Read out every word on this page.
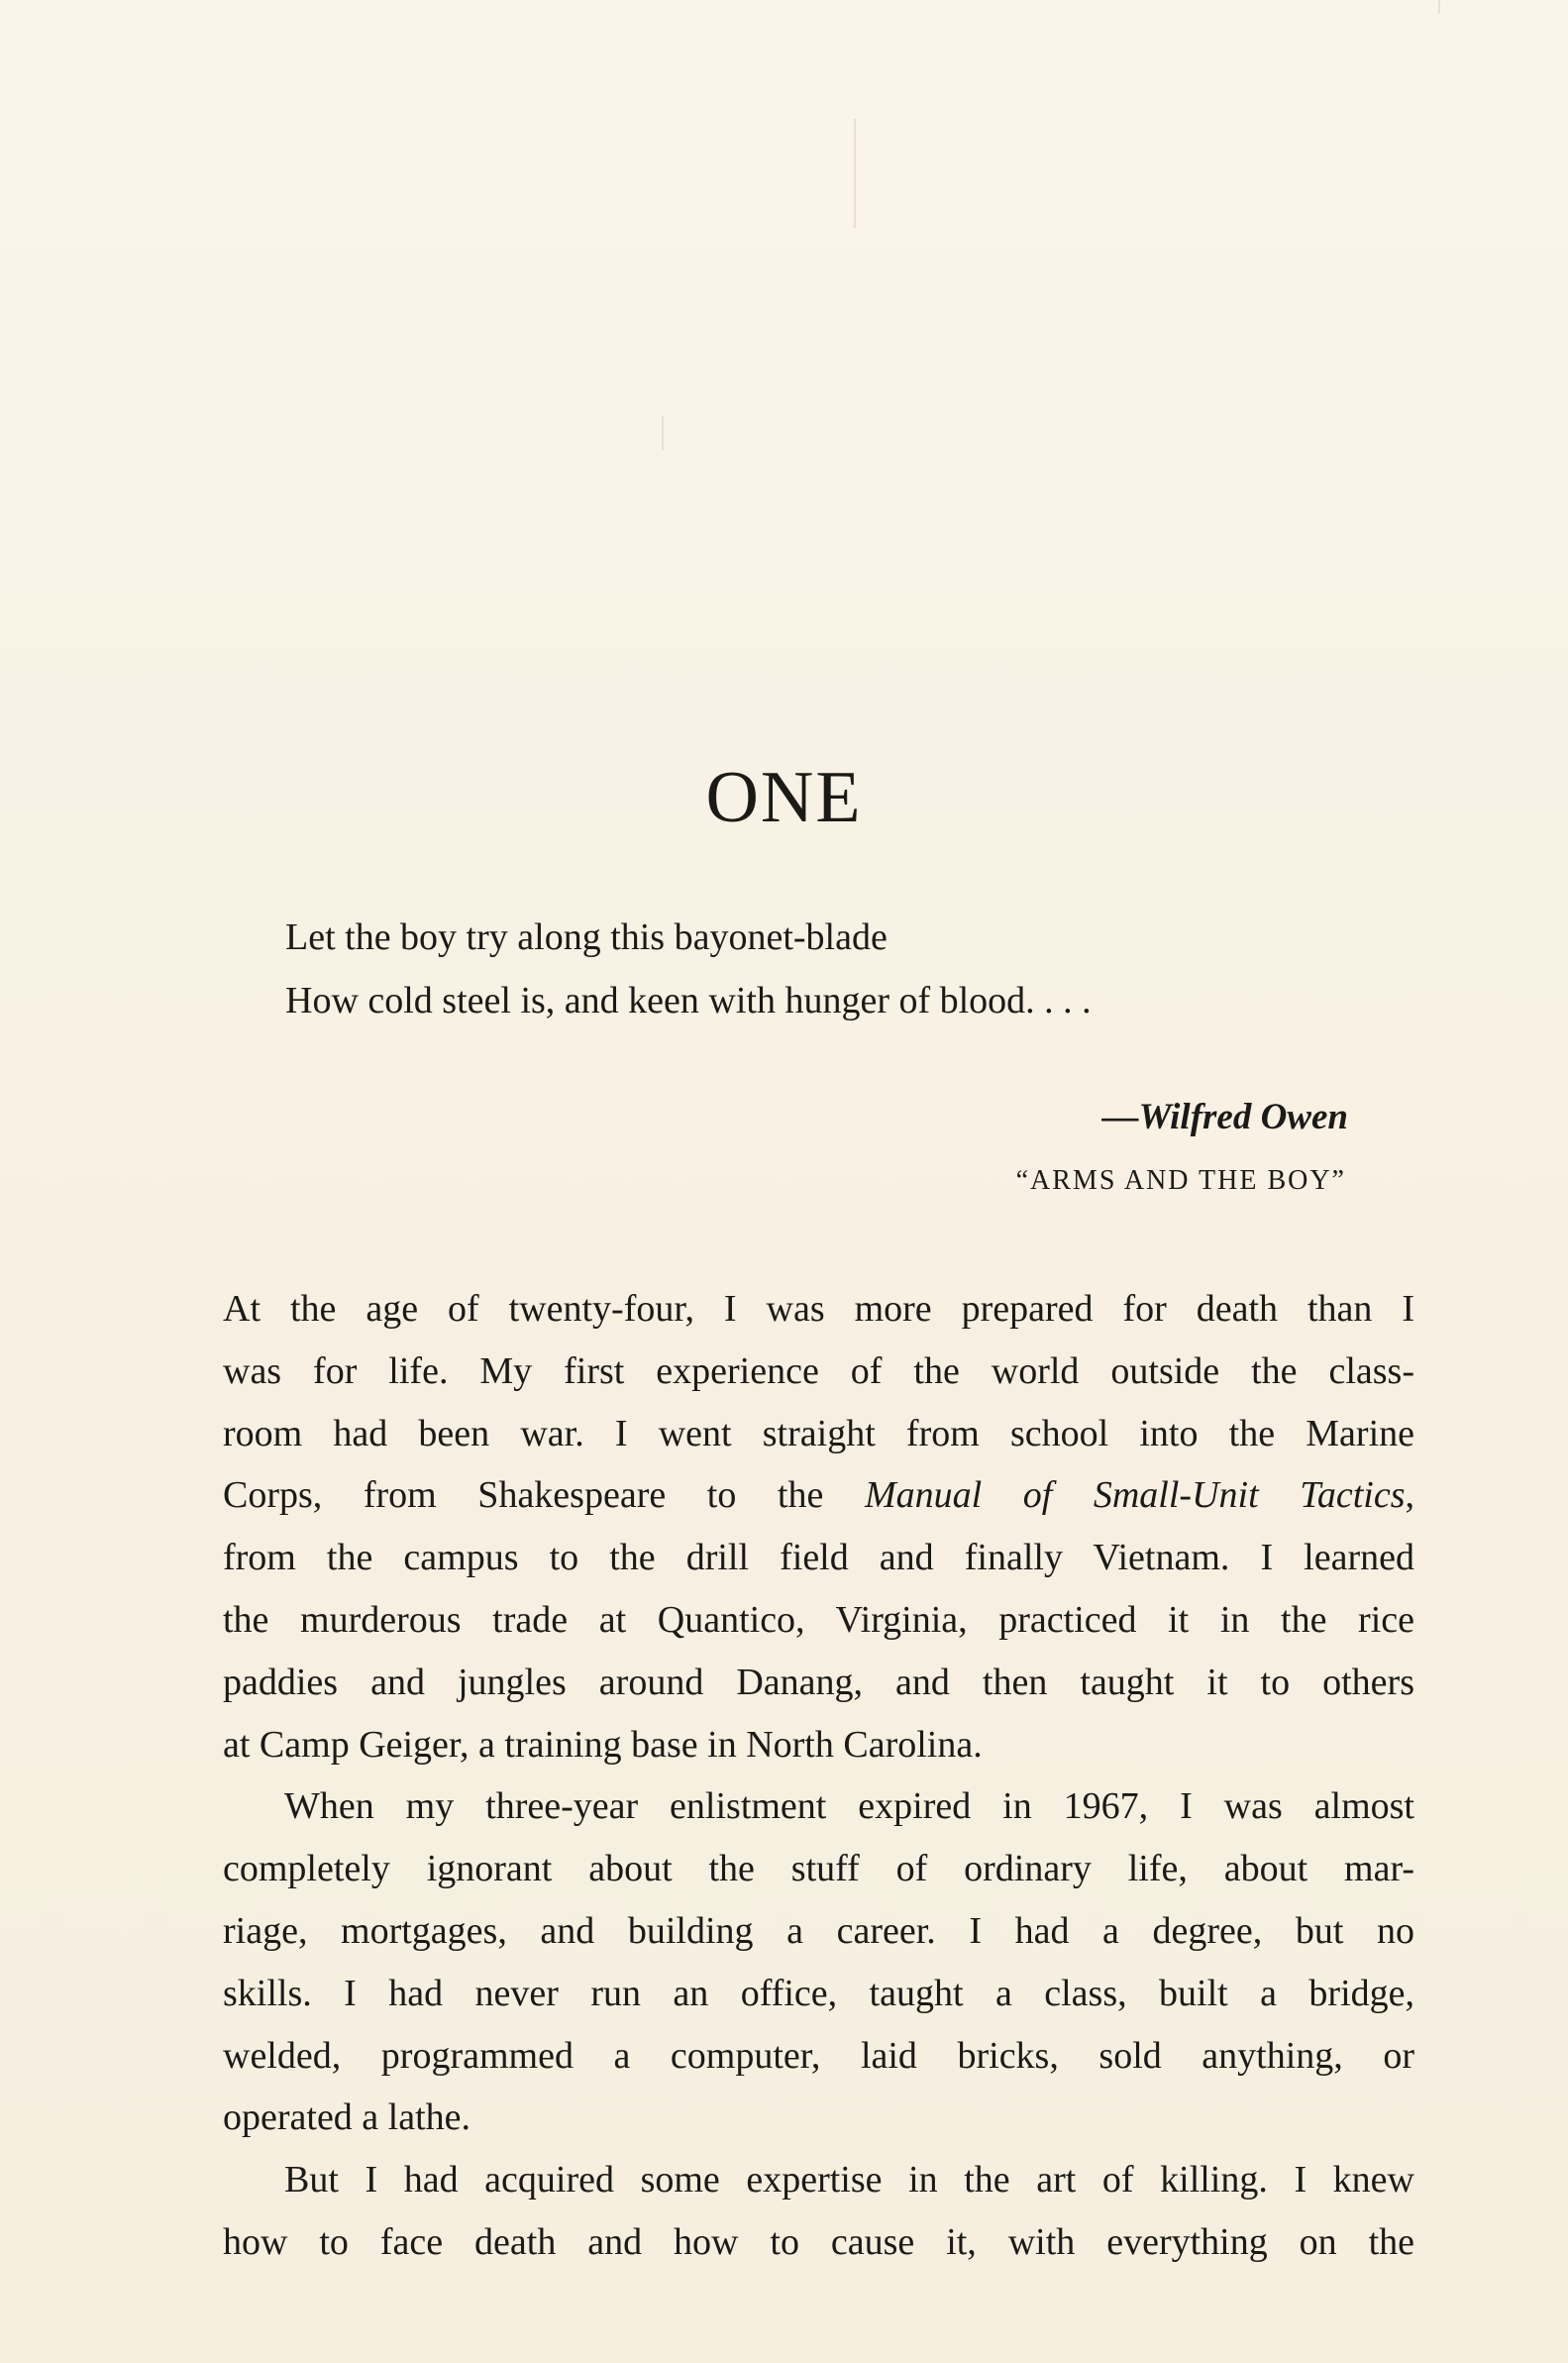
ONE
Let the boy try along this bayonet-blade
How cold steel is, and keen with hunger of blood. . . .
—Wilfred Owen
“ARMS AND THE BOY”
At the age of twenty-four, I was more prepared for death than I
was for life. My first experience of the world outside the class-
room had been war. I went straight from school into the Marine
Corps, from Shakespeare to the Manual of Small-Unit Tactics,
from the campus to the drill field and finally Vietnam. I learned
the murderous trade at Quantico, Virginia, practiced it in the rice
paddies and jungles around Danang, and then taught it to others
at Camp Geiger, a training base in North Carolina.
When my three-year enlistment expired in 1967, I was almost
completely ignorant about the stuff of ordinary life, about mar-
riage, mortgages, and building a career. I had a degree, but no
skills. I had never run an office, taught a class, built a bridge,
welded, programmed a computer, laid bricks, sold anything, or
operated a lathe.
But I had acquired some expertise in the art of killing. I knew
how to face death and how to cause it, with everything on the
